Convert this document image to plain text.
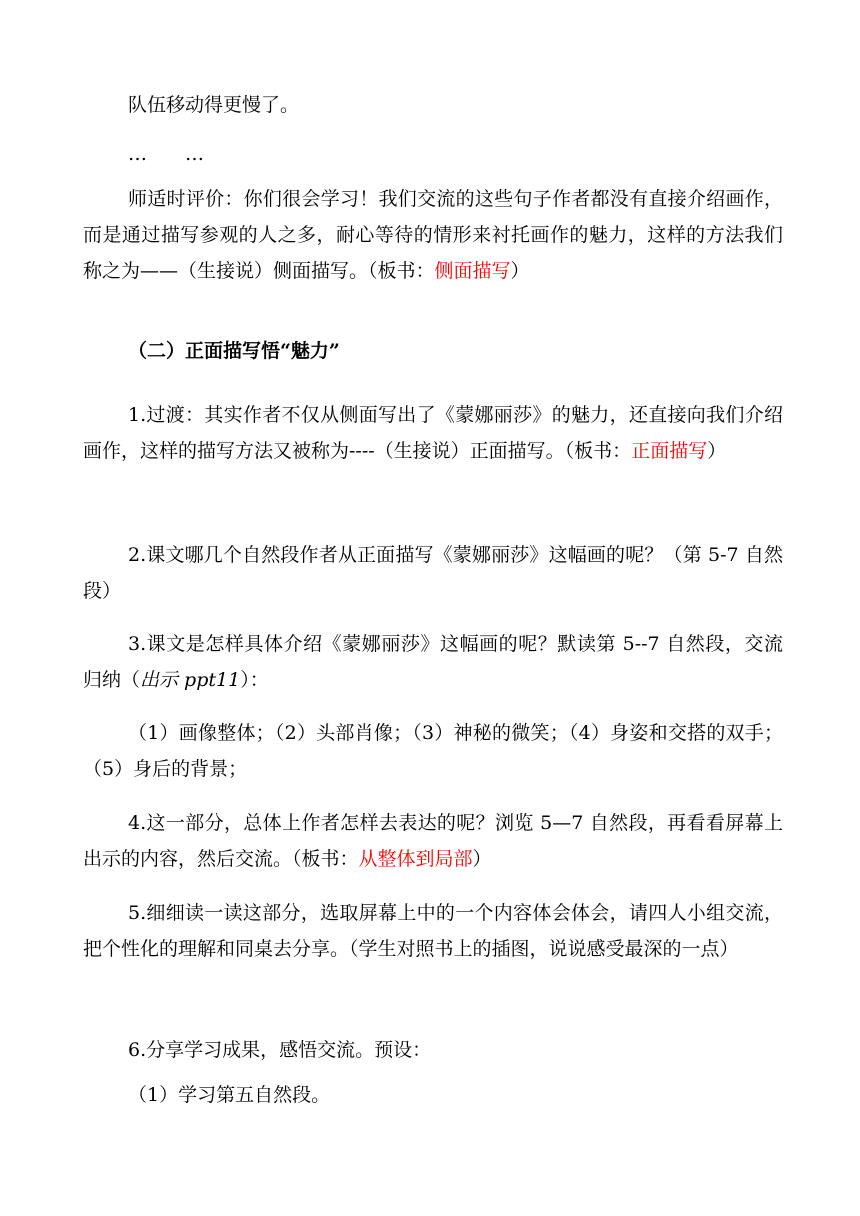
队伍移动得更慢了。

…　　…

师适时评价：你们很会学习！我们交流的这些句子作者都没有直接介绍画作，而是通过描写参观的人之多，耐心等待的情形来衬托画作的魅力，这样的方法我们称之为——（生接说）侧面描写。（板书：侧面描写）

（二）正面描写悟“魅力”

1.过渡：其实作者不仅从侧面写出了《蒙娜丽莎》的魅力，还直接向我们介绍画作，这样的描写方法又被称为----（生接说）正面描写。（板书：正面描写）

2.课文哪几个自然段作者从正面描写《蒙娜丽莎》这幅画的呢？（第 5-7 自然段）

3.课文是怎样具体介绍《蒙娜丽莎》这幅画的呢？默读第 5--7 自然段，交流归纳（出示 ppt11）：

（1）画像整体；（2）头部肖像；（3）神秘的微笑；（4）身姿和交搭的双手；（5）身后的背景；

4.这一部分，总体上作者怎样去表达的呢？浏览 5—7 自然段，再看看屏幕上出示的内容，然后交流。（板书：从整体到局部）

5.细细读一读这部分，选取屏幕上中的一个内容体会体会，请四人小组交流，把个性化的理解和同桌去分享。（学生对照书上的插图，说说感受最深的一点）

6.分享学习成果，感悟交流。预设：

（1）学习第五自然段。
